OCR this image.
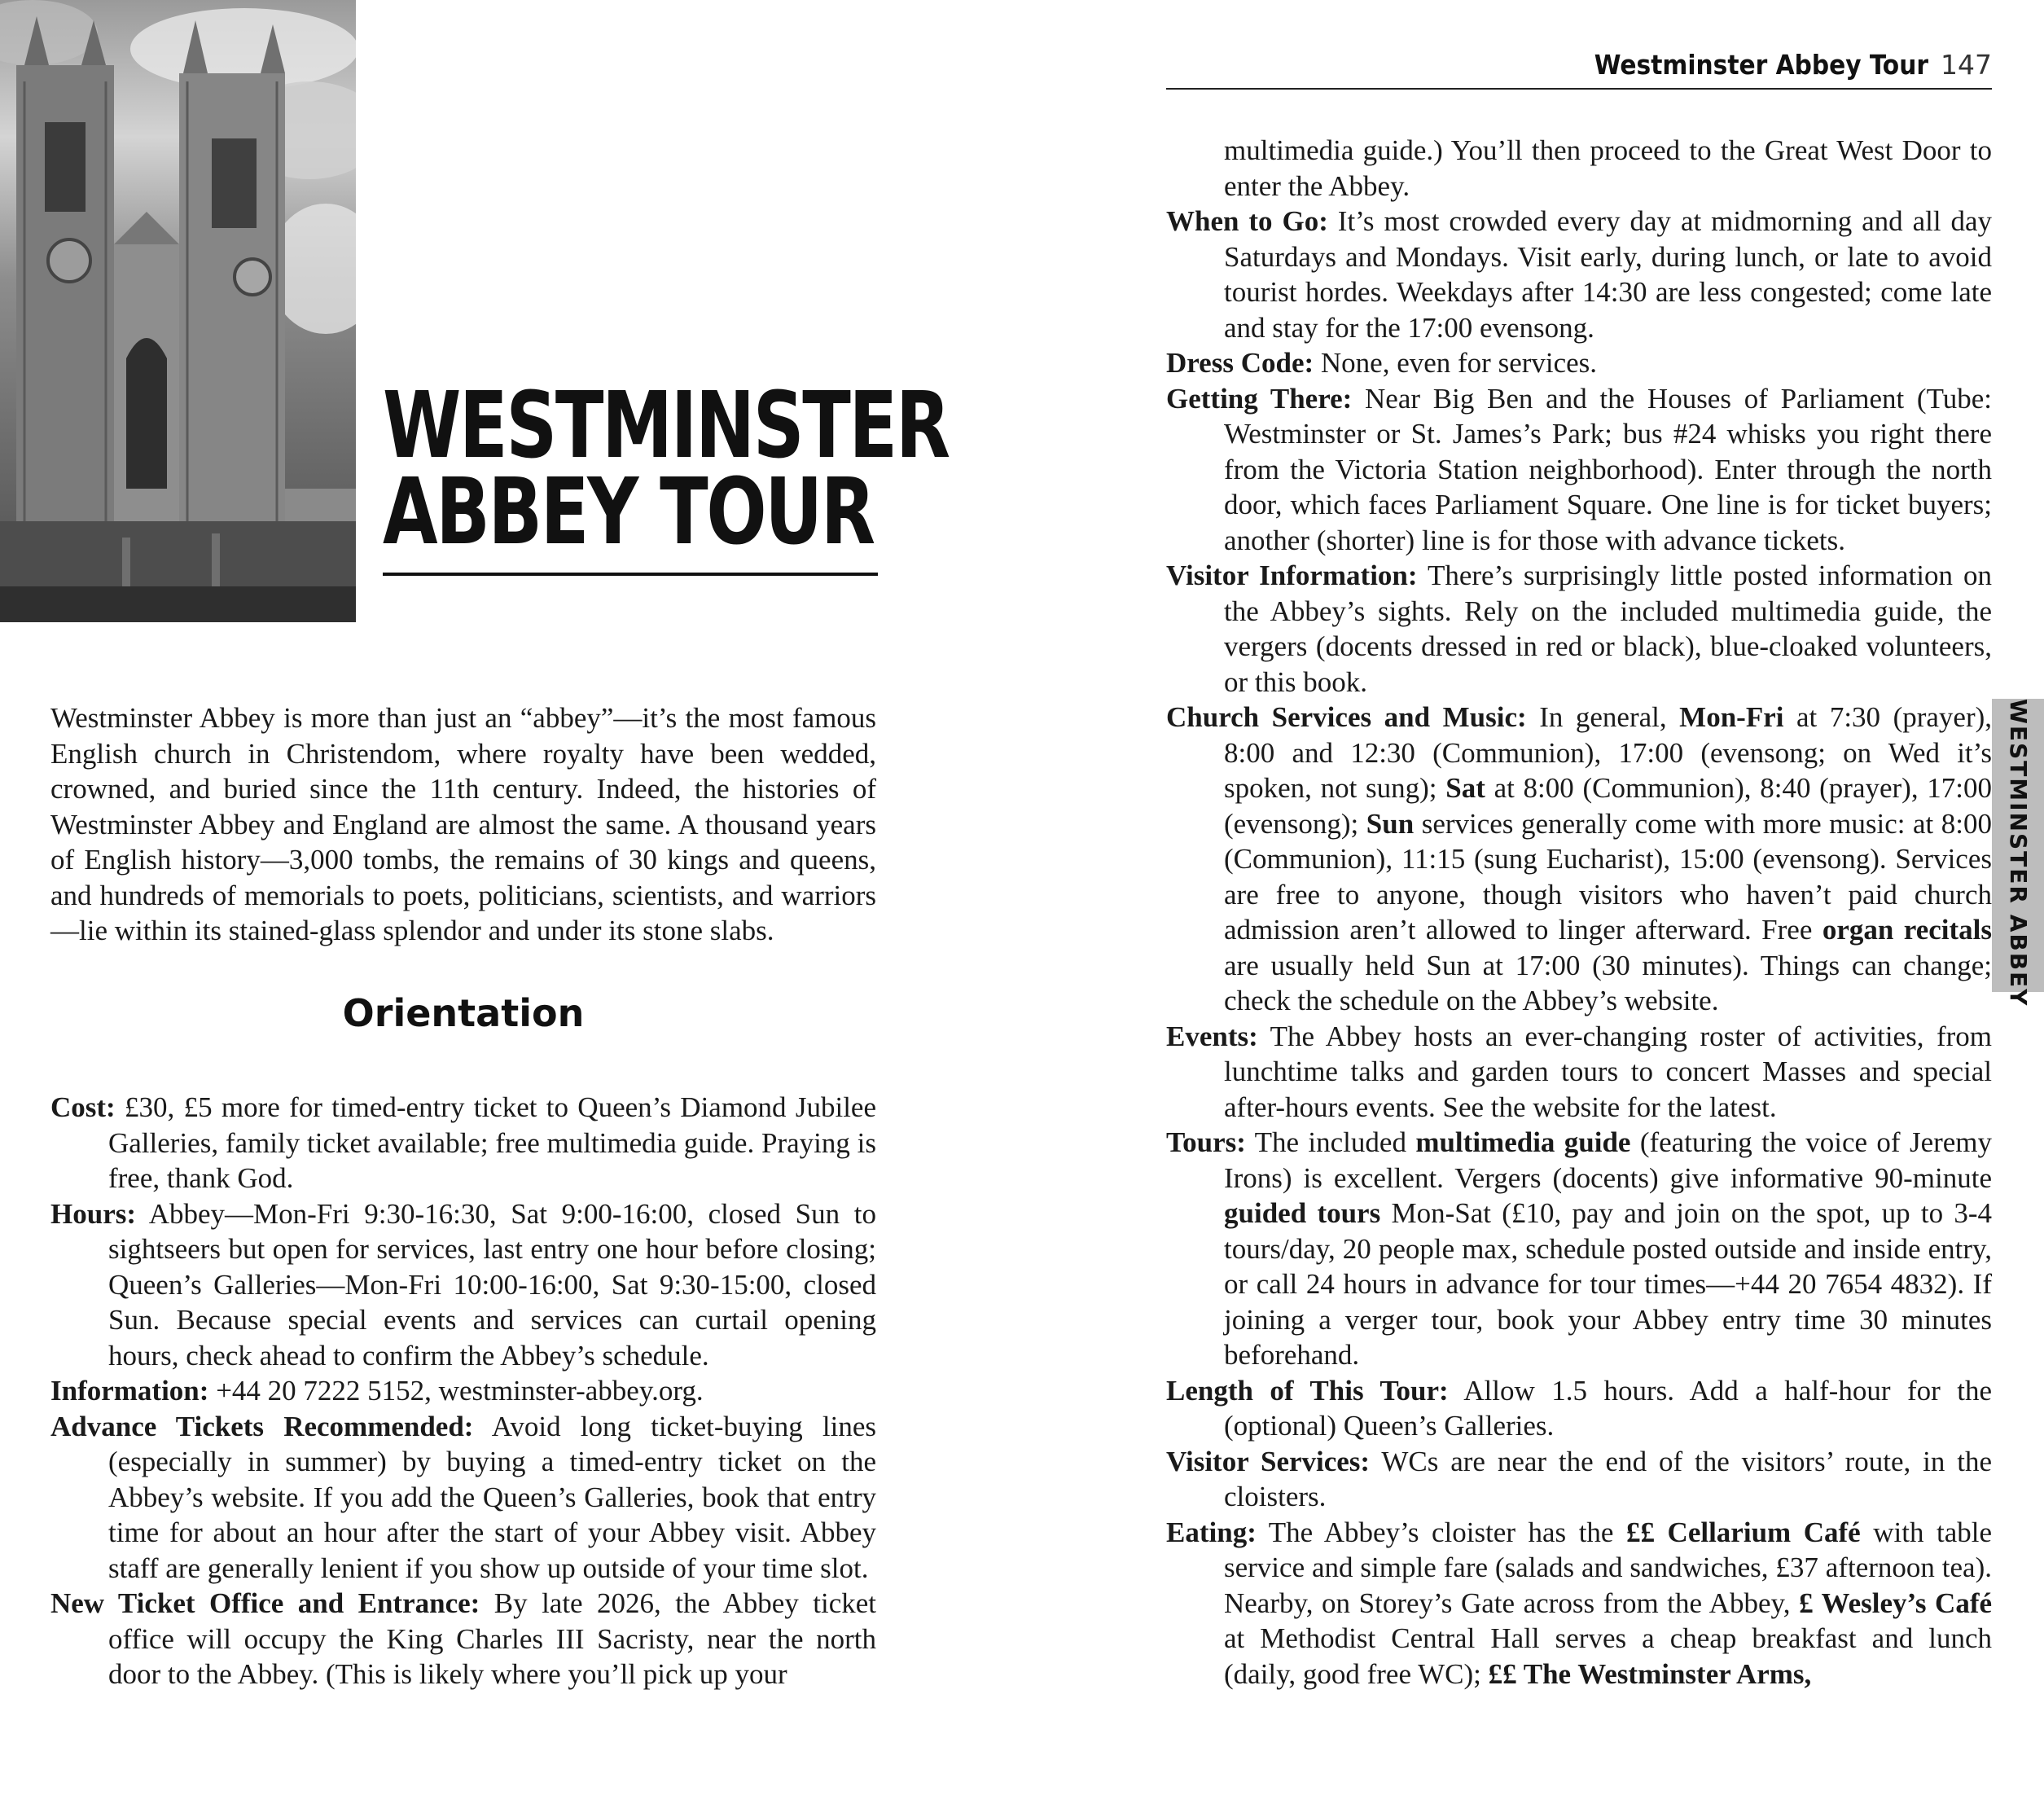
WESTMINSTER
ABBEY TOUR

Westminster Abbey is more than just an “abbey”—it’s the most famous English church in Christendom, where royalty have been wedded, crowned, and buried since the 11th century. Indeed, the histories of Westminster Abbey and England are almost the same. A thousand years of English history—3,000 tombs, the remains of 30 kings and queens, and hundreds of memorials to poets, politicians, scientists, and warriors—lie within its stained-glass splendor and under its stone slabs.

Orientation

Cost: £30, £5 more for timed-entry ticket to Queen’s Diamond Jubilee Galleries, family ticket available; free multimedia guide. Praying is free, thank God.

Hours: Abbey—Mon-Fri 9:30-16:30, Sat 9:00-16:00, closed Sun to sightseers but open for services, last entry one hour before closing; Queen’s Galleries—Mon-Fri 10:00-16:00, Sat 9:30-15:00, closed Sun. Because special events and services can curtail opening hours, check ahead to confirm the Abbey’s schedule.

Information: +44 20 7222 5152, westminster-abbey.org.

Advance Tickets Recommended: Avoid long ticket-buying lines (especially in summer) by buying a timed-entry ticket on the Abbey’s website. If you add the Queen’s Galleries, book that entry time for about an hour after the start of your Abbey visit. Abbey staff are generally lenient if you show up outside of your time slot.

New Ticket Office and Entrance: By late 2026, the Abbey ticket office will occupy the King Charles III Sacristy, near the north door to the Abbey. (This is likely where you’ll pick up your

Westminster Abbey Tour 147

multimedia guide.) You’ll then proceed to the Great West Door to enter the Abbey.

When to Go: It’s most crowded every day at midmorning and all day Saturdays and Mondays. Visit early, during lunch, or late to avoid tourist hordes. Weekdays after 14:30 are less congested; come late and stay for the 17:00 evensong.

Dress Code: None, even for services.

Getting There: Near Big Ben and the Houses of Parliament (Tube: Westminster or St. James’s Park; bus #24 whisks you right there from the Victoria Station neighborhood). Enter through the north door, which faces Parliament Square. One line is for ticket buyers; another (shorter) line is for those with advance tickets.

Visitor Information: There’s surprisingly little posted information on the Abbey’s sights. Rely on the included multimedia guide, the vergers (docents dressed in red or black), blue-cloaked volunteers, or this book.

Church Services and Music: In general, Mon-Fri at 7:30 (prayer), 8:00 and 12:30 (Communion), 17:00 (evensong; on Wed it’s spoken, not sung); Sat at 8:00 (Communion), 8:40 (prayer), 17:00 (evensong); Sun services generally come with more music: at 8:00 (Communion), 11:15 (sung Eucharist), 15:00 (evensong). Services are free to anyone, though visitors who haven’t paid church admission aren’t allowed to linger afterward. Free organ recitals are usually held Sun at 17:00 (30 minutes). Things can change; check the schedule on the Abbey’s website.

Events: The Abbey hosts an ever-changing roster of activities, from lunchtime talks and garden tours to concert Masses and special after-hours events. See the website for the latest.

Tours: The included multimedia guide (featuring the voice of Jeremy Irons) is excellent. Vergers (docents) give informative 90-minute guided tours Mon-Sat (£10, pay and join on the spot, up to 3-4 tours/day, 20 people max, schedule posted outside and inside entry, or call 24 hours in advance for tour times—+44 20 7654 4832). If joining a verger tour, book your Abbey entry time 30 minutes beforehand.

Length of This Tour: Allow 1.5 hours. Add a half-hour for the (optional) Queen’s Galleries.

Visitor Services: WCs are near the end of the visitors’ route, in the cloisters.

Eating: The Abbey’s cloister has the ££ Cellarium Café with table service and simple fare (salads and sandwiches, £37 afternoon tea). Nearby, on Storey’s Gate across from the Abbey, £ Wesley’s Café at Methodist Central Hall serves a cheap breakfast and lunch (daily, good free WC); ££ The Westminster Arms,

WESTMINSTER ABBEY
